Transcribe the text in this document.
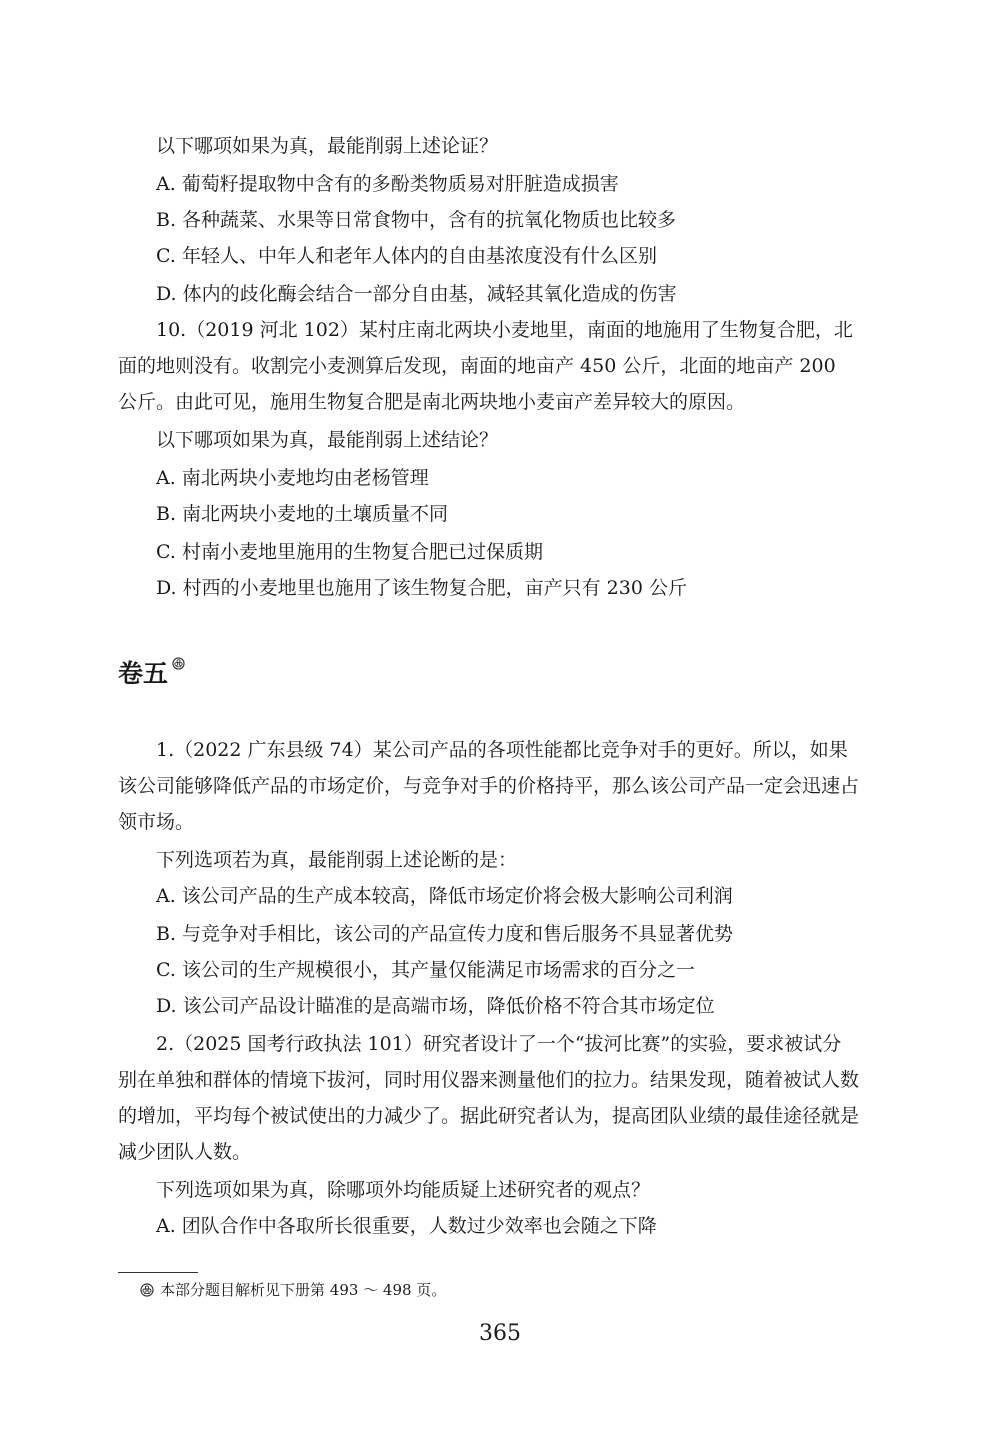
以下哪项如果为真，最能削弱上述论证？

A. 葡萄籽提取物中含有的多酚类物质易对肝脏造成损害

B. 各种蔬菜、水果等日常食物中，含有的抗氧化物质也比较多

C. 年轻人、中年人和老年人体内的自由基浓度没有什么区别

D. 体内的歧化酶会结合一部分自由基，减轻其氧化造成的伤害

10.（2019 河北 102）某村庄南北两块小麦地里，南面的地施用了生物复合肥，北面的地则没有。收割完小麦测算后发现，南面的地亩产 450 公斤，北面的地亩产 200 公斤。由此可见，施用生物复合肥是南北两块地小麦亩产差异较大的原因。

以下哪项如果为真，最能削弱上述结论？

A. 南北两块小麦地均由老杨管理

B. 南北两块小麦地的土壤质量不同

C. 村南小麦地里施用的生物复合肥已过保质期

D. 村西的小麦地里也施用了该生物复合肥，亩产只有 230 公斤

卷五

1.（2022 广东县级 74）某公司产品的各项性能都比竞争对手的更好。所以，如果该公司能够降低产品的市场定价，与竞争对手的价格持平，那么该公司产品一定会迅速占领市场。

下列选项若为真，最能削弱上述论断的是：

A. 该公司产品的生产成本较高，降低市场定价将会极大影响公司利润

B. 与竞争对手相比，该公司的产品宣传力度和售后服务不具显著优势

C. 该公司的生产规模很小，其产量仅能满足市场需求的百分之一

D. 该公司产品设计瞄准的是高端市场，降低价格不符合其市场定位

2.（2025 国考行政执法 101）研究者设计了一个“拔河比赛”的实验，要求被试分别在单独和群体的情境下拔河，同时用仪器来测量他们的拉力。结果发现，随着被试人数的增加，平均每个被试使出的力减少了。据此研究者认为，提高团队业绩的最佳途径就是减少团队人数。

下列选项如果为真，除哪项外均能质疑上述研究者的观点？

A. 团队合作中各取所长很重要，人数过少效率也会随之下降

本部分题目解析见下册第 493 ～ 498 页。
365
